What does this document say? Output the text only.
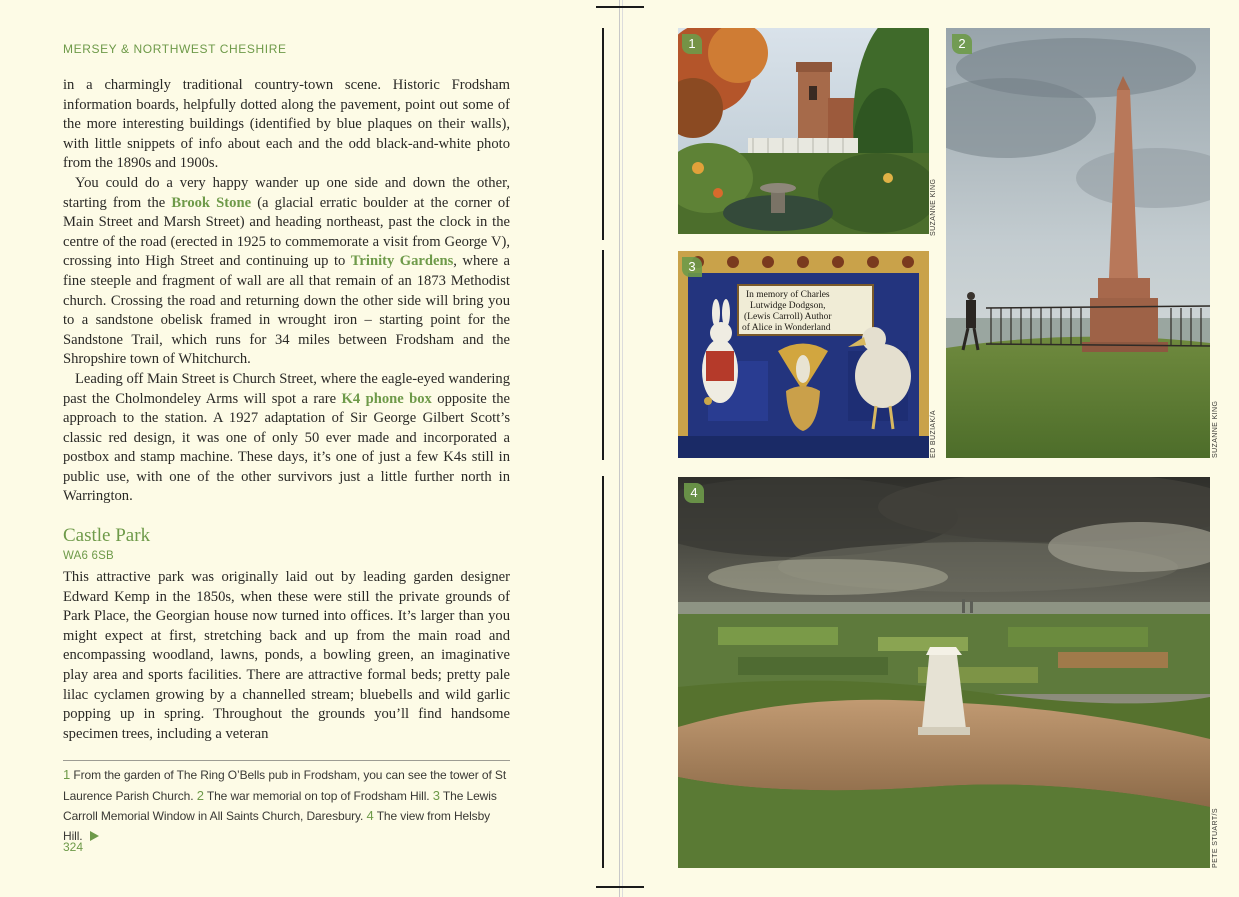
MERSEY & NORTHWEST CHESHIRE

in a charmingly traditional country-town scene. Historic Frodsham information boards, helpfully dotted along the pavement, point out some of the more interesting buildings (identified by blue plaques on their walls), with little snippets of info about each and the odd black-and-white photo from the 1890s and 1900s.

You could do a very happy wander up one side and down the other, starting from the Brook Stone (a glacial erratic boulder at the corner of Main Street and Marsh Street) and heading northeast, past the clock in the centre of the road (erected in 1925 to commemorate a visit from George V), crossing into High Street and continuing up to Trinity Gardens, where a fine steeple and fragment of wall are all that remain of an 1873 Methodist church. Crossing the road and returning down the other side will bring you to a sandstone obelisk framed in wrought iron – starting point for the Sandstone Trail, which runs for 34 miles between Frodsham and the Shropshire town of Whitchurch.

Leading off Main Street is Church Street, where the eagle-eyed wandering past the Cholmondeley Arms will spot a rare K4 phone box opposite the approach to the station. A 1927 adaptation of Sir George Gilbert Scott’s classic red design, it was one of only 50 ever made and incorporated a postbox and stamp machine. These days, it’s one of just a few K4s still in public use, with one of the other survivors just a little further north in Warrington.

Castle Park
WA6 6SB

This attractive park was originally laid out by leading garden designer Edward Kemp in the 1850s, when these were still the private grounds of Park Place, the Georgian house now turned into offices. It’s larger than you might expect at first, stretching back and up from the main road and encompassing woodland, lawns, ponds, a bowling green, an imaginative play area and sports facilities. There are attractive formal beds; pretty pale lilac cyclamen growing by a channelled stream; bluebells and wild garlic popping up in spring. Throughout the grounds you’ll find handsome specimen trees, including a veteran

1 From the garden of The Ring O’Bells pub in Frodsham, you can see the tower of St Laurence Parish Church. 2 The war memorial on top of Frodsham Hill. 3 The Lewis Carroll Memorial Window in All Saints Church, Daresbury. 4 The view from Helsby Hill.
324
1
SUZANNE KING
2
SUZANNE KING
In memory of Charles
Lutwidge Dodgson,
(Lewis Carroll) Author
of Alice in Wonderland
3
ED BUZIAK/A
4
PETE STUART/S
